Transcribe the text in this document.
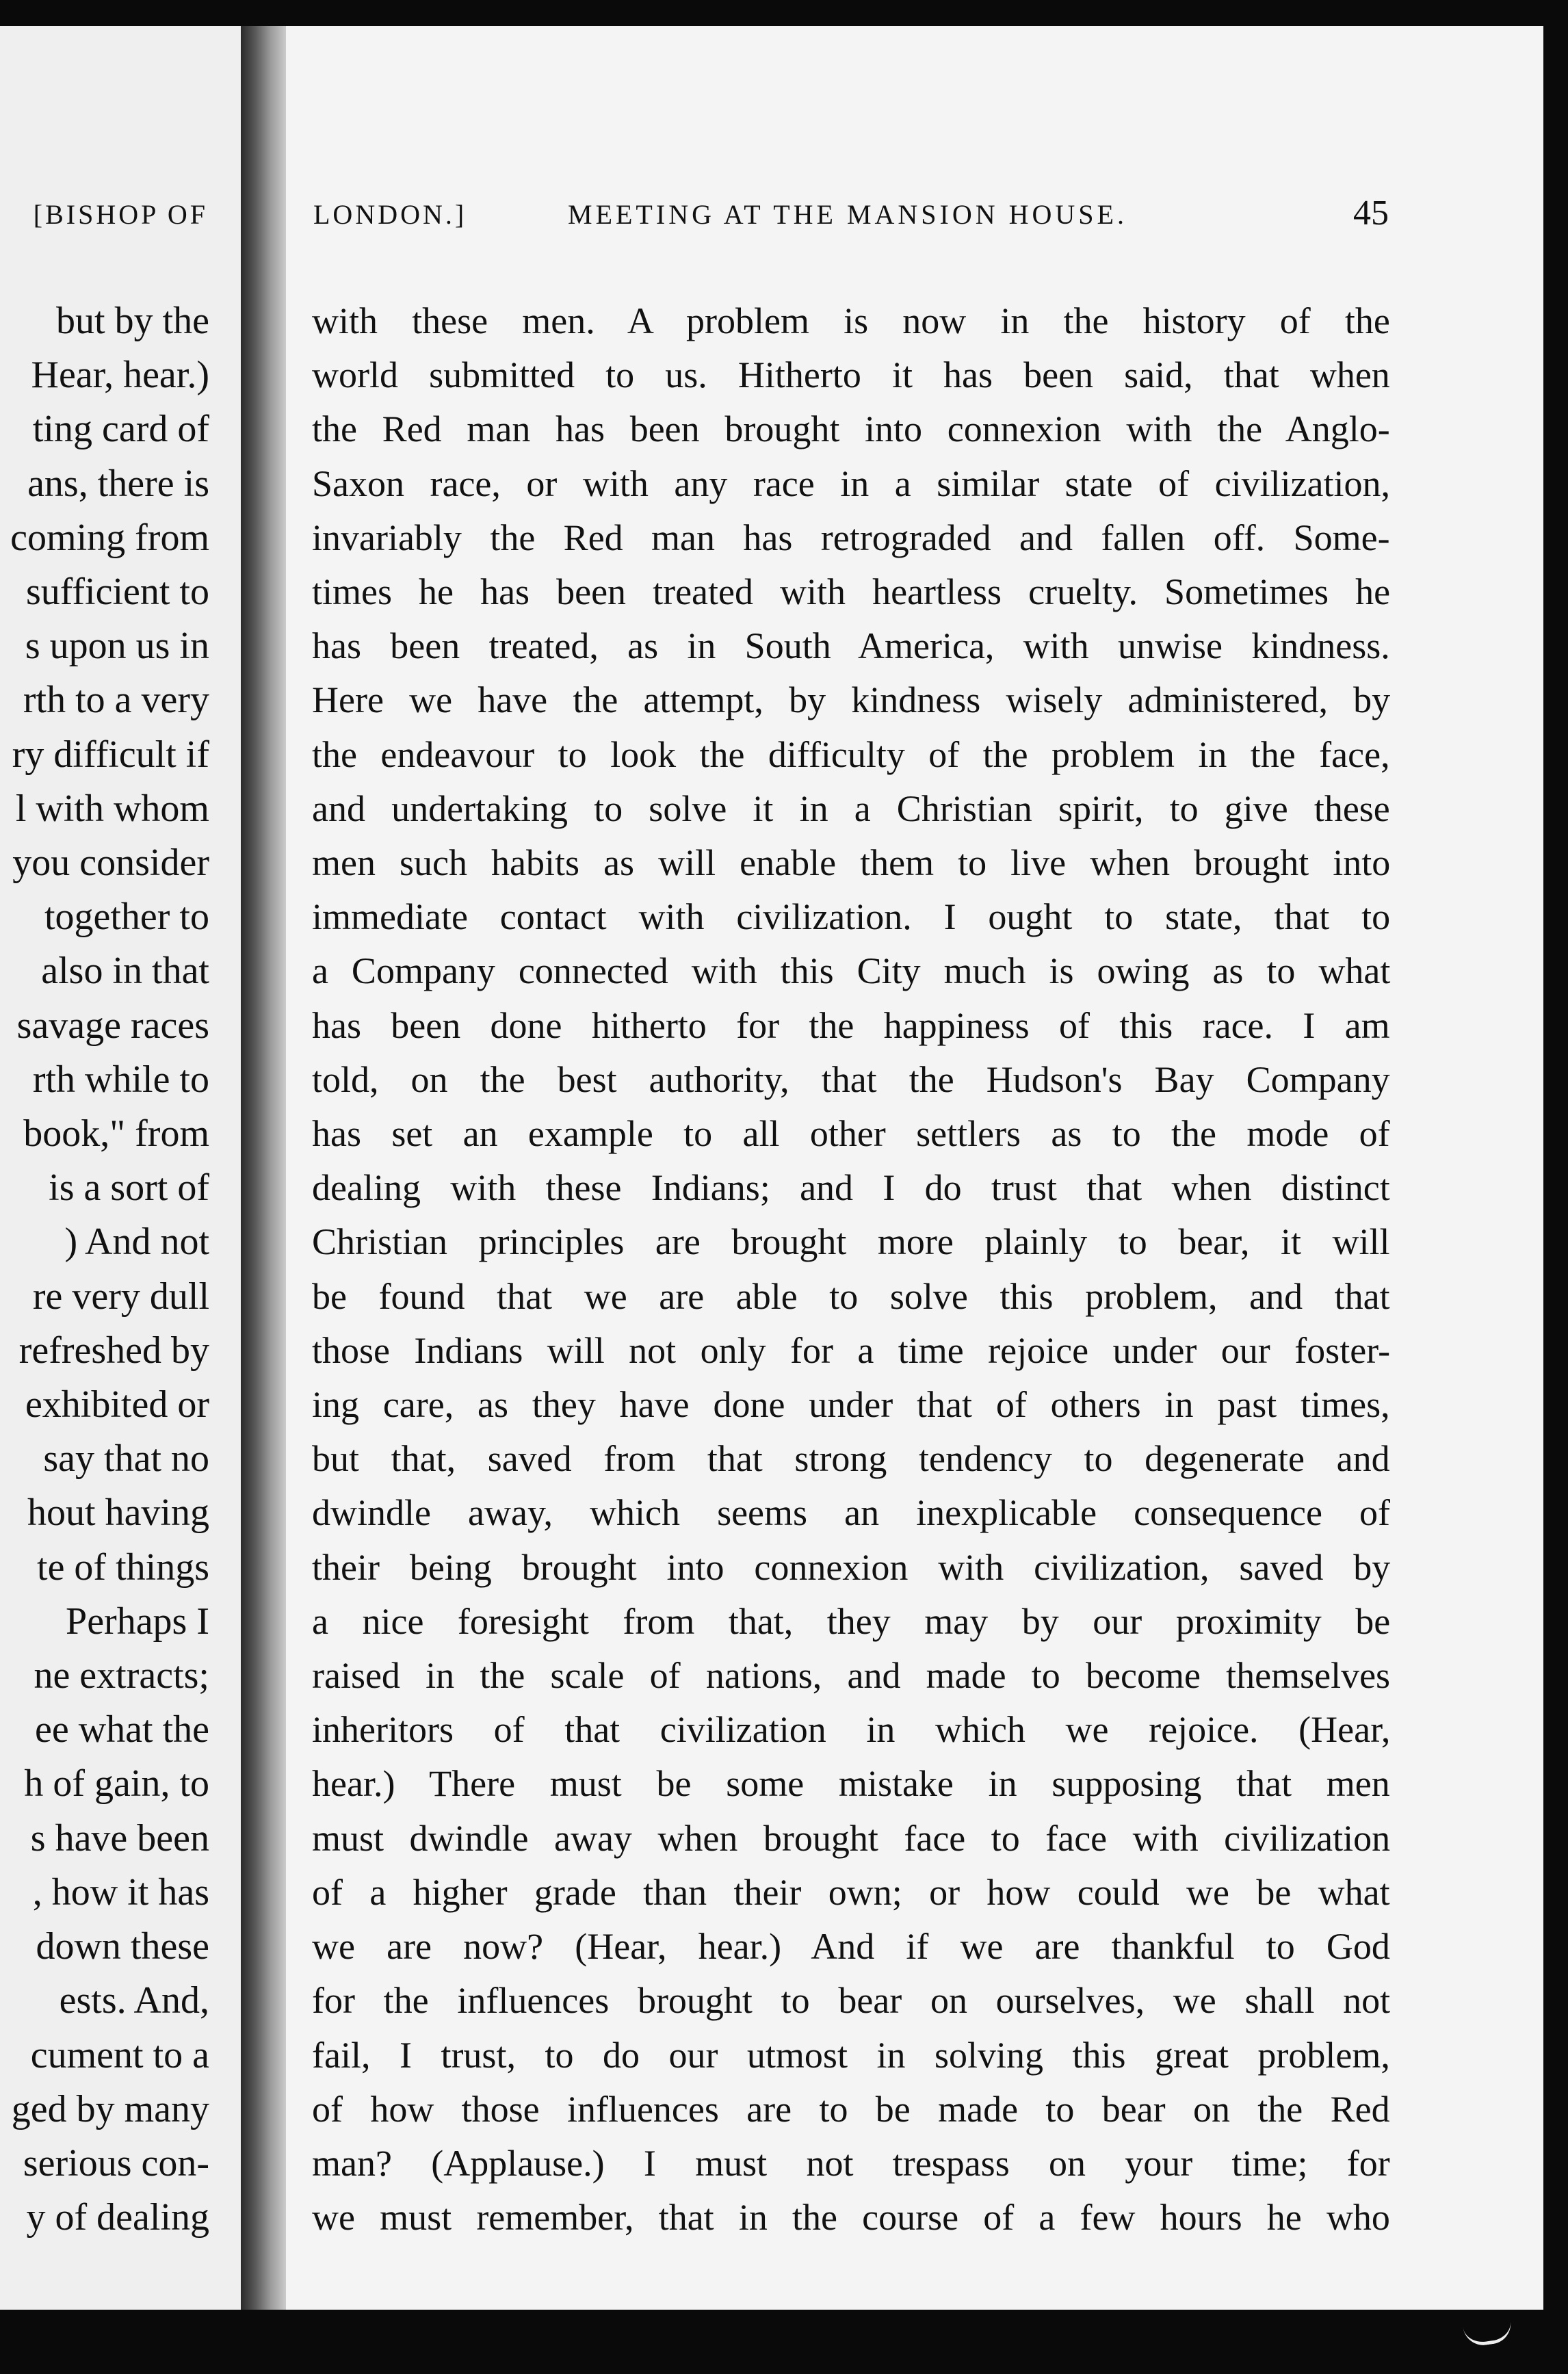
[BISHOP OF
but by the
Hear, hear.)
ting card of
ans, there is
coming from
sufficient to
s upon us in
rth to a very
ry difficult if
l with whom
you consider
together to
also in that
savage races
rth while to
book," from
is a sort of
) And not
re very dull
refreshed by
exhibited or
say that no
hout having
te of things
Perhaps I
ne extracts;
ee what the
h of gain, to
s have been
, how it has
down these
ests. And,
cument to a
ged by many
serious con-
y of dealing
LONDON.]	MEETING AT THE MANSION HOUSE.	45
with these men. A problem is now in the history of the
world submitted to us. Hitherto it has been said, that when
the Red man has been brought into connexion with the Anglo-
Saxon race, or with any race in a similar state of civilization,
invariably the Red man has retrograded and fallen off. Some-
times he has been treated with heartless cruelty. Sometimes he
has been treated, as in South America, with unwise kindness.
Here we have the attempt, by kindness wisely administered, by
the endeavour to look the difficulty of the problem in the face,
and undertaking to solve it in a Christian spirit, to give these
men such habits as will enable them to live when brought into
immediate contact with civilization. I ought to state, that to
a Company connected with this City much is owing as to what
has been done hitherto for the happiness of this race. I am
told, on the best authority, that the Hudson's Bay Company
has set an example to all other settlers as to the mode of
dealing with these Indians; and I do trust that when distinct
Christian principles are brought more plainly to bear, it will
be found that we are able to solve this problem, and that
those Indians will not only for a time rejoice under our foster-
ing care, as they have done under that of others in past times,
but that, saved from that strong tendency to degenerate and
dwindle away, which seems an inexplicable consequence of
their being brought into connexion with civilization, saved by
a nice foresight from that, they may by our proximity be
raised in the scale of nations, and made to become themselves
inheritors of that civilization in which we rejoice. (Hear,
hear.) There must be some mistake in supposing that men
must dwindle away when brought face to face with civilization
of a higher grade than their own; or how could we be what
we are now? (Hear, hear.) And if we are thankful to God
for the influences brought to bear on ourselves, we shall not
fail, I trust, to do our utmost in solving this great problem,
of how those influences are to be made to bear on the Red
man? (Applause.) I must not trespass on your time; for
we must remember, that in the course of a few hours he who
